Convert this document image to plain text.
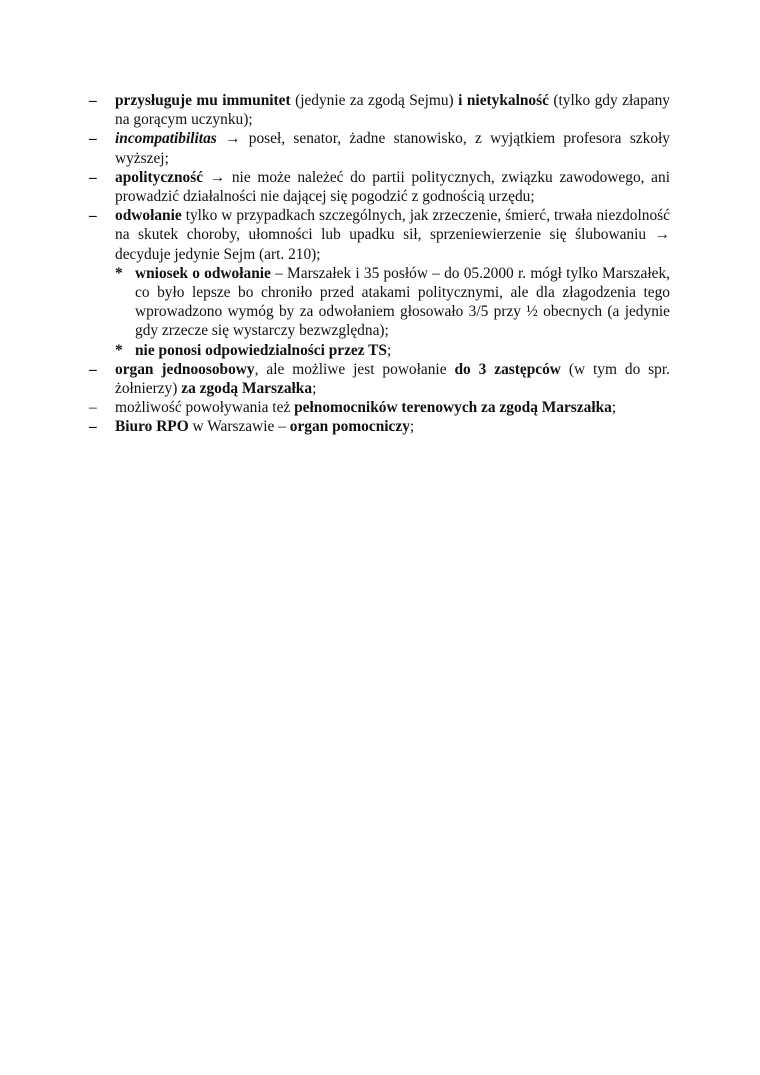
–	przysługuje mu immunitet (jedynie za zgodą Sejmu) i nietykalność (tylko gdy złapany na gorącym uczynku);
–	incompatibilitas → poseł, senator, żadne stanowisko, z wyjątkiem profesora szkoły wyższej;
–	apolityczność → nie może należeć do partii politycznych, związku zawodowego, ani prowadzić działalności nie dającej się pogodzić z godnością urzędu;
–	odwołanie tylko w przypadkach szczególnych, jak zrzeczenie, śmierć, trwała niezdolność na skutek choroby, ułomności lub upadku sił, sprzeniewierzenie się ślubowaniu → decyduje jedynie Sejm (art. 210);
* wniosek o odwołanie – Marszałek i 35 posłów – do 05.2000 r. mógł tylko Marszałek, co było lepsze bo chroniło przed atakami politycznymi, ale dla złagodzenia tego wprowadzono wymóg by za odwołaniem głosowało 3/5 przy ½ obecnych (a jedynie gdy zrzecze się wystarczy bezwzględna);
* nie ponosi odpowiedzialności przez TS;
–	organ jednoosobowy, ale możliwe jest powołanie do 3 zastępców (w tym do spr. żołnierzy) za zgodą Marszałka;
–	możliwość powoływania też pełnomocników terenowych za zgodą Marszałka;
–	Biuro RPO w Warszawie – organ pomocniczy;
